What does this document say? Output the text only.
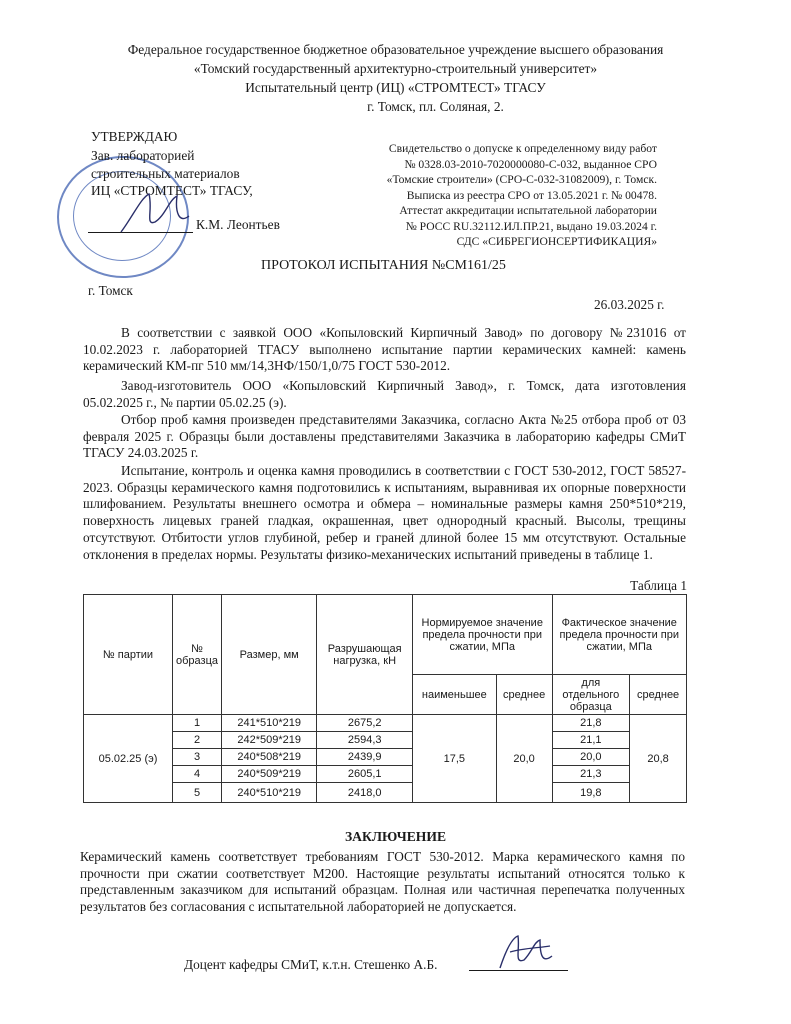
Федеральное государственное бюджетное образовательное учреждение высшего образования
«Томский государственный архитектурно-строительный университет»
Испытательный центр (ИЦ) «СТРОМТЕСТ» ТГАСУ
г. Томск, пл. Соляная, 2.
УТВЕРЖДАЮ
Зав. лабораторией
строительных материалов
ИЦ «СТРОМТЕСТ» ТГАСУ,
К.М. Леонтьев
Свидетельство о допуске к определенному виду работ
№ 0328.03-2010-7020000080-С-032, выданное СРО
«Томские строители» (СРО-С-032-31082009), г. Томск.
Выписка из реестра СРО от 13.05.2021 г. № 00478.
Аттестат аккредитации испытательной лаборатории
№ РОСС RU.32112.ИЛ.ПР.21, выдано 19.03.2024 г.
СДС «СИБРЕГИОНСЕРТИФИКАЦИЯ»
ПРОТОКОЛ ИСПЫТАНИЯ №СМ161/25
г. Томск
26.03.2025 г.
В соответствии с заявкой ООО «Копыловский Кирпичный Завод» по договору №231016 от 10.02.2023 г. лабораторией ТГАСУ выполнено испытание партии керамических камней: камень керамический КМ-пг 510 мм/14,3НФ/150/1,0/75 ГОСТ 530-2012.
Завод-изготовитель ООО «Копыловский Кирпичный Завод», г. Томск, дата изготовления 05.02.2025 г., № партии 05.02.25 (э).
Отбор проб камня произведен представителями Заказчика, согласно Акта №25 отбора проб от 03 февраля 2025 г. Образцы были доставлены представителями Заказчика в лабораторию кафедры СМиТ ТГАСУ 24.03.2025 г.
Испытание, контроль и оценка камня проводились в соответствии с ГОСТ 530-2012, ГОСТ 58527-2023. Образцы керамического камня подготовились к испытаниям, выравнивая их опорные поверхности шлифованием. Результаты внешнего осмотра и обмера – номинальные размеры камня 250*510*219, поверхность лицевых граней гладкая, окрашенная, цвет однородный красный. Высолы, трещины отсутствуют. Отбитости углов глубиной, ребер и граней длиной более 15 мм отсутствуют. Остальные отклонения в пределах нормы. Результаты физико-механических испытаний приведены в таблице 1.
Таблица 1
№ партии	№ образца	Размер, мм	Разрушающая нагрузка, кН	Нормируемое значение предела прочности при сжатии, МПа		Фактическое значение предела прочности при сжатии, МПа	
				наименьшее	среднее	для отдельного образца	среднее
05.02.25 (э)	1	241*510*219	2675,2	17,5	20,0	21,8	20,8
	2	242*509*219	2594,3			21,1	
	3	240*508*219	2439,9			20,0	
	4	240*509*219	2605,1			21,3	
	5	240*510*219	2418,0			19,8	
ЗАКЛЮЧЕНИЕ
Керамический камень соответствует требованиям ГОСТ 530-2012. Марка керамического камня по прочности при сжатии соответствует М200. Настоящие результаты испытаний относятся только к представленным заказчиком для испытаний образцам. Полная или частичная перепечатка полученных результатов без согласования с испытательной лабораторией не допускается.
Доцент кафедры СМиТ, к.т.н. Стешенко А.Б.
